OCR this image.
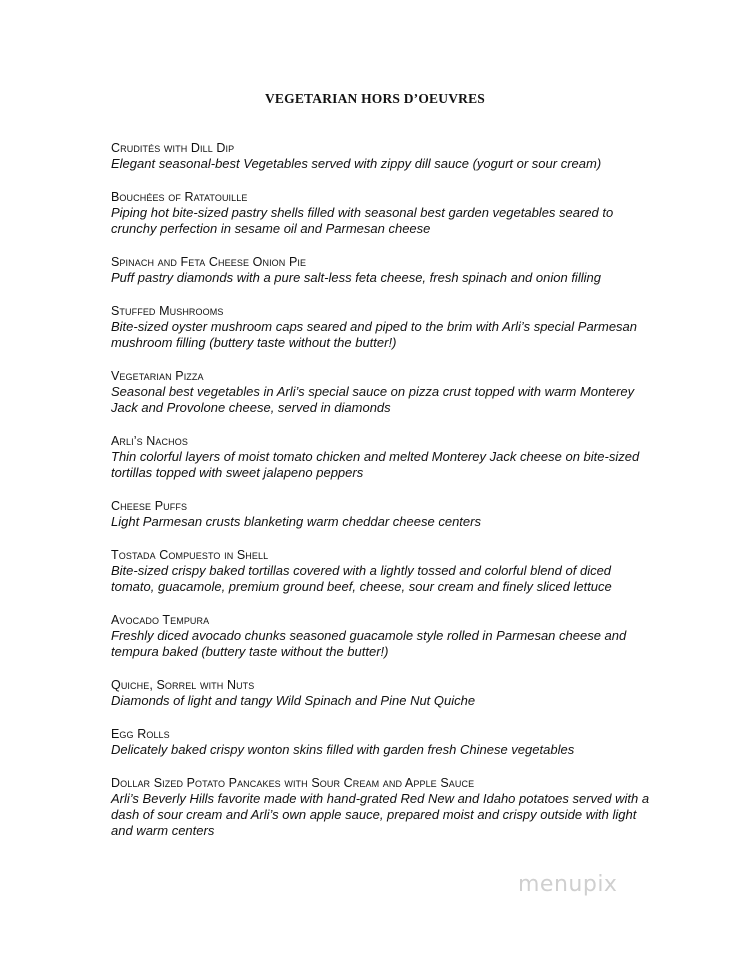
VEGETARIAN HORS D’OEUVRES
Crudités with Dill Dip
Elegant seasonal-best Vegetables served with zippy dill sauce (yogurt or sour cream)
Bouchées of Ratatouille
Piping hot bite-sized pastry shells filled with seasonal best garden vegetables seared to crunchy perfection in sesame oil and Parmesan cheese
Spinach and Feta Cheese Onion Pie
Puff pastry diamonds with a pure salt-less feta cheese, fresh spinach and onion filling
Stuffed Mushrooms
Bite-sized oyster mushroom caps seared and piped to the brim with Arli’s special Parmesan mushroom filling (buttery taste without the butter!)
Vegetarian Pizza
Seasonal best vegetables in Arli’s special sauce on pizza crust topped with warm Monterey Jack and Provolone cheese, served in diamonds
Arli’s Nachos
Thin colorful layers of moist tomato chicken and melted Monterey Jack cheese on bite-sized tortillas topped with sweet jalapeno peppers
Cheese Puffs
Light Parmesan crusts blanketing warm cheddar cheese centers
Tostada Compuesto in Shell
Bite-sized crispy baked tortillas covered with a lightly tossed and colorful blend of diced tomato, guacamole, premium ground beef, cheese, sour cream and finely sliced lettuce
Avocado Tempura
Freshly diced avocado chunks seasoned guacamole style rolled in Parmesan cheese and tempura baked (buttery taste without the butter!)
Quiche, Sorrel with Nuts
Diamonds of light and tangy Wild Spinach and Pine Nut Quiche
Egg Rolls
Delicately baked crispy wonton skins filled with garden fresh Chinese vegetables
Dollar Sized Potato Pancakes with Sour Cream and Apple Sauce
Arli’s Beverly Hills favorite made with hand-grated Red New and Idaho potatoes served with a dash of sour cream and Arli’s own apple sauce, prepared moist and crispy outside with light and warm centers
menupix
